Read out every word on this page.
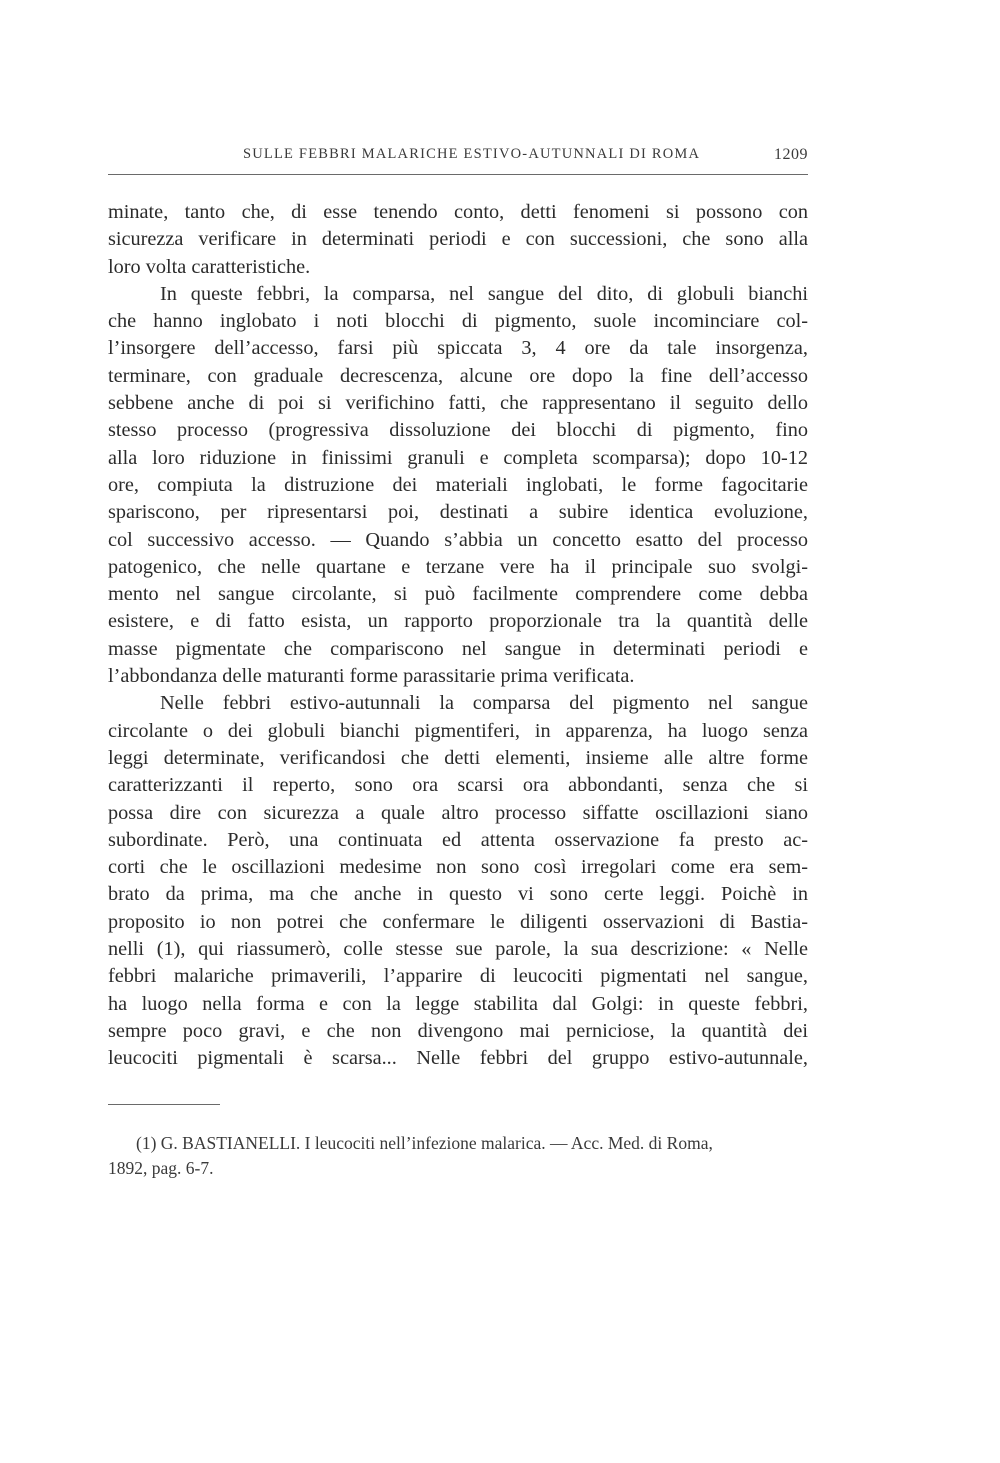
SULLE FEBBRI MALARICHE ESTIVO-AUTUNNALI DI ROMA	1209
minate, tanto che, di esse tenendo conto, detti fenomeni si possono con
sicurezza verificare in determinati periodi e con successioni, che sono alla
loro volta caratteristiche.
In queste febbri, la comparsa, nel sangue del dito, di globuli bianchi
che hanno inglobato i noti blocchi di pigmento, suole incominciare col-
l’insorgere dell’accesso, farsi più spiccata 3, 4 ore da tale insorgenza,
terminare, con graduale decrescenza, alcune ore dopo la fine dell’accesso
sebbene anche di poi si verifichino fatti, che rappresentano il seguito dello
stesso processo (progressiva dissoluzione dei blocchi di pigmento, fino
alla loro riduzione in finissimi granuli e completa scomparsa); dopo 10-12
ore, compiuta la distruzione dei materiali inglobati, le forme fagocitarie
spariscono, per ripresentarsi poi, destinati a subire identica evoluzione,
col successivo accesso. — Quando s’abbia un concetto esatto del processo
patogenico, che nelle quartane e terzane vere ha il principale suo svolgi-
mento nel sangue circolante, si può facilmente comprendere come debba
esistere, e di fatto esista, un rapporto proporzionale tra la quantità delle
masse pigmentate che compariscono nel sangue in determinati periodi e
l’abbondanza delle maturanti forme parassitarie prima verificata.
Nelle febbri estivo-autunnali la comparsa del pigmento nel sangue
circolante o dei globuli bianchi pigmentiferi, in apparenza, ha luogo senza
leggi determinate, verificandosi che detti elementi, insieme alle altre forme
caratterizzanti il reperto, sono ora scarsi ora abbondanti, senza che si
possa dire con sicurezza a quale altro processo siffatte oscillazioni siano
subordinate. Però, una continuata ed attenta osservazione fa presto ac-
corti che le oscillazioni medesime non sono così irregolari come era sem-
brato da prima, ma che anche in questo vi sono certe leggi. Poichè in
proposito io non potrei che confermare le diligenti osservazioni di Bastia-
nelli (1), qui riassumerò, colle stesse sue parole, la sua descrizione: « Nelle
febbri malariche primaverili, l’apparire di leucociti pigmentati nel sangue,
ha luogo nella forma e con la legge stabilita dal Golgi: in queste febbri,
sempre poco gravi, e che non divengono mai perniciose, la quantità dei
leucociti pigmentali è scarsa... Nelle febbri del gruppo estivo-autunnale,
(1) G. BASTIANELLI. I leucociti nell’infezione malarica. — Acc. Med. di Roma,
1892, pag. 6-7.
